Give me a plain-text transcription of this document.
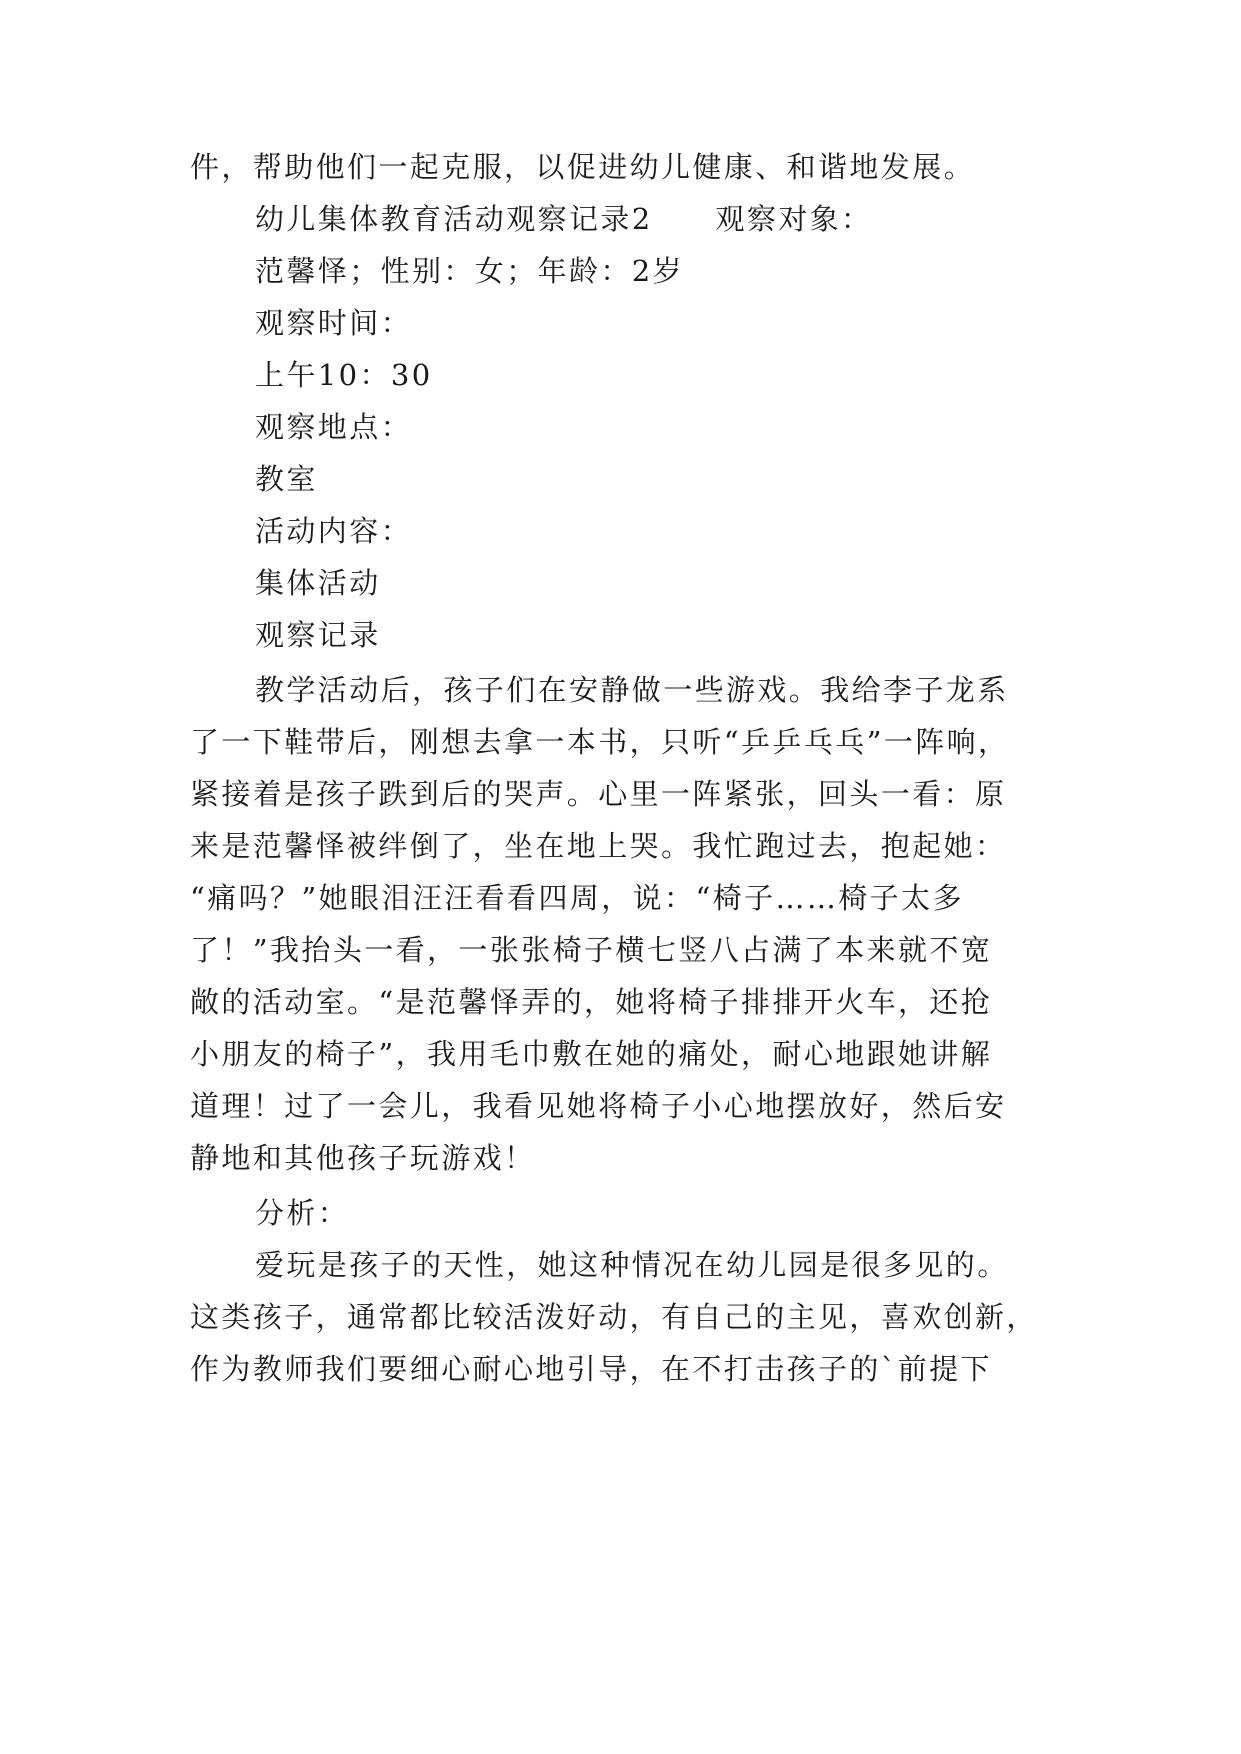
件，帮助他们一起克服，以促进幼儿健康、和谐地发展。
幼儿集体教育活动观察记录2　　观察对象：
范馨怿；性别：女；年龄：2岁
观察时间：
上午10：30
观察地点：
教室
活动内容：
集体活动
观察记录
教学活动后，孩子们在安静做一些游戏。我给李子龙系
了一下鞋带后，刚想去拿一本书，只听“乒乒乓乓”一阵响，
紧接着是孩子跌到后的哭声。心里一阵紧张，回头一看：原
来是范馨怿被绊倒了，坐在地上哭。我忙跑过去，抱起她：
“痛吗？”她眼泪汪汪看看四周，说：“椅子……椅子太多
了！”我抬头一看，一张张椅子横七竖八占满了本来就不宽
敞的活动室。“是范馨怿弄的，她将椅子排排开火车，还抢
小朋友的椅子”，我用毛巾敷在她的痛处，耐心地跟她讲解
道理！过了一会儿，我看见她将椅子小心地摆放好，然后安
静地和其他孩子玩游戏！
分析：
爱玩是孩子的天性，她这种情况在幼儿园是很多见的。
这类孩子，通常都比较活泼好动，有自己的主见，喜欢创新，
作为教师我们要细心耐心地引导，在不打击孩子的`前提下
